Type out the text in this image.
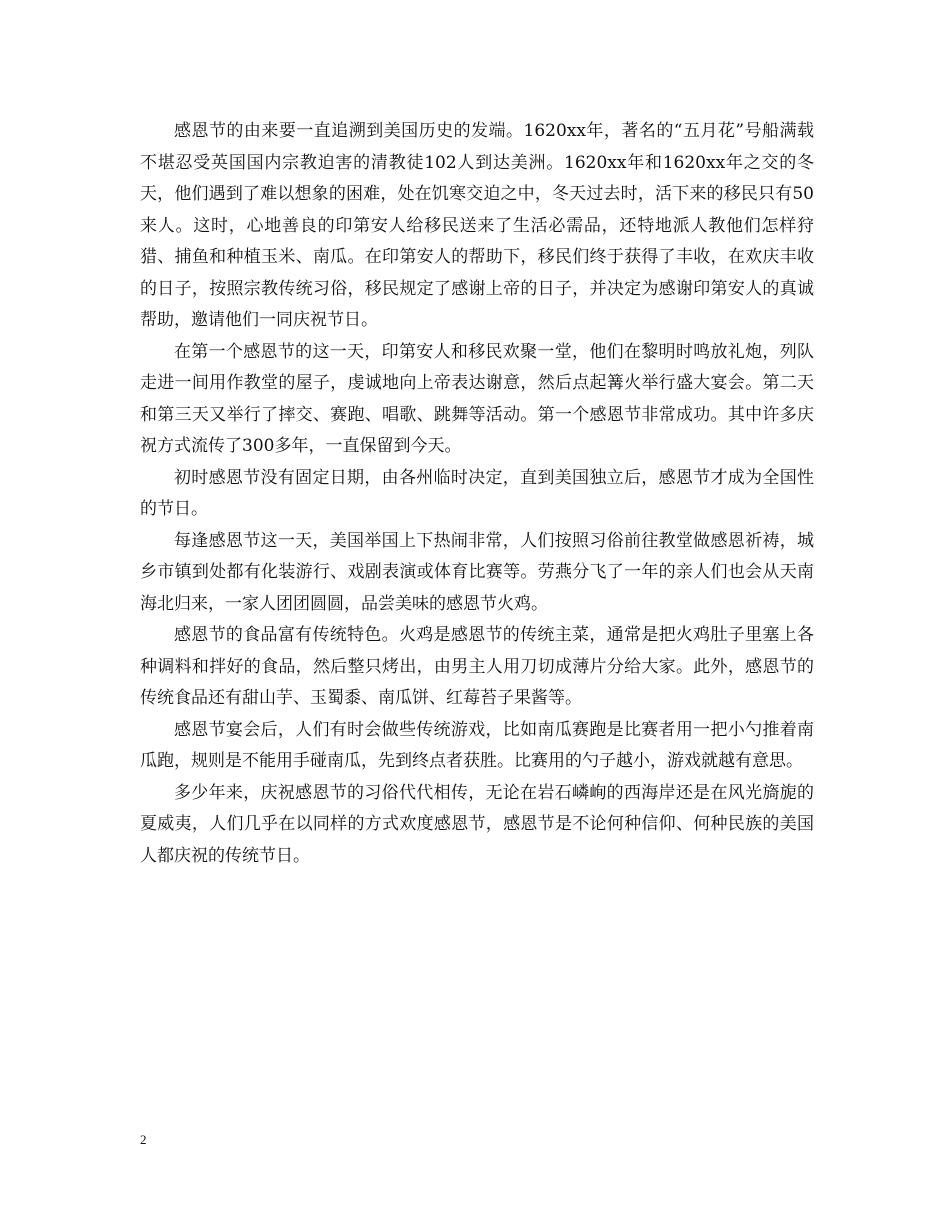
感恩节的由来要一直追溯到美国历史的发端。1620xx年，著名的“五月花”号船满载不堪忍受英国国内宗教迫害的清教徒102人到达美洲。1620xx年和1620xx年之交的冬天，他们遇到了难以想象的困难，处在饥寒交迫之中，冬天过去时，活下来的移民只有50来人。这时，心地善良的印第安人给移民送来了生活必需品，还特地派人教他们怎样狩猎、捕鱼和种植玉米、南瓜。在印第安人的帮助下，移民们终于获得了丰收，在欢庆丰收的日子，按照宗教传统习俗，移民规定了感谢上帝的日子，并决定为感谢印第安人的真诚帮助，邀请他们一同庆祝节日。

在第一个感恩节的这一天，印第安人和移民欢聚一堂，他们在黎明时鸣放礼炮，列队走进一间用作教堂的屋子，虔诚地向上帝表达谢意，然后点起篝火举行盛大宴会。第二天和第三天又举行了摔交、赛跑、唱歌、跳舞等活动。第一个感恩节非常成功。其中许多庆祝方式流传了300多年，一直保留到今天。

初时感恩节没有固定日期，由各州临时决定，直到美国独立后，感恩节才成为全国性的节日。

每逢感恩节这一天，美国举国上下热闹非常，人们按照习俗前往教堂做感恩祈祷，城乡市镇到处都有化装游行、戏剧表演或体育比赛等。劳燕分飞了一年的亲人们也会从天南海北归来，一家人团团圆圆，品尝美味的感恩节火鸡。

感恩节的食品富有传统特色。火鸡是感恩节的传统主菜，通常是把火鸡肚子里塞上各种调料和拌好的食品，然后整只烤出，由男主人用刀切成薄片分给大家。此外，感恩节的传统食品还有甜山芋、玉蜀黍、南瓜饼、红莓苔子果酱等。

感恩节宴会后，人们有时会做些传统游戏，比如南瓜赛跑是比赛者用一把小勺推着南瓜跑，规则是不能用手碰南瓜，先到终点者获胜。比赛用的勺子越小，游戏就越有意思。

多少年来，庆祝感恩节的习俗代代相传，无论在岩石嶙峋的西海岸还是在风光旖旎的夏威夷，人们几乎在以同样的方式欢度感恩节，感恩节是不论何种信仰、何种民族的美国人都庆祝的传统节日。

2
